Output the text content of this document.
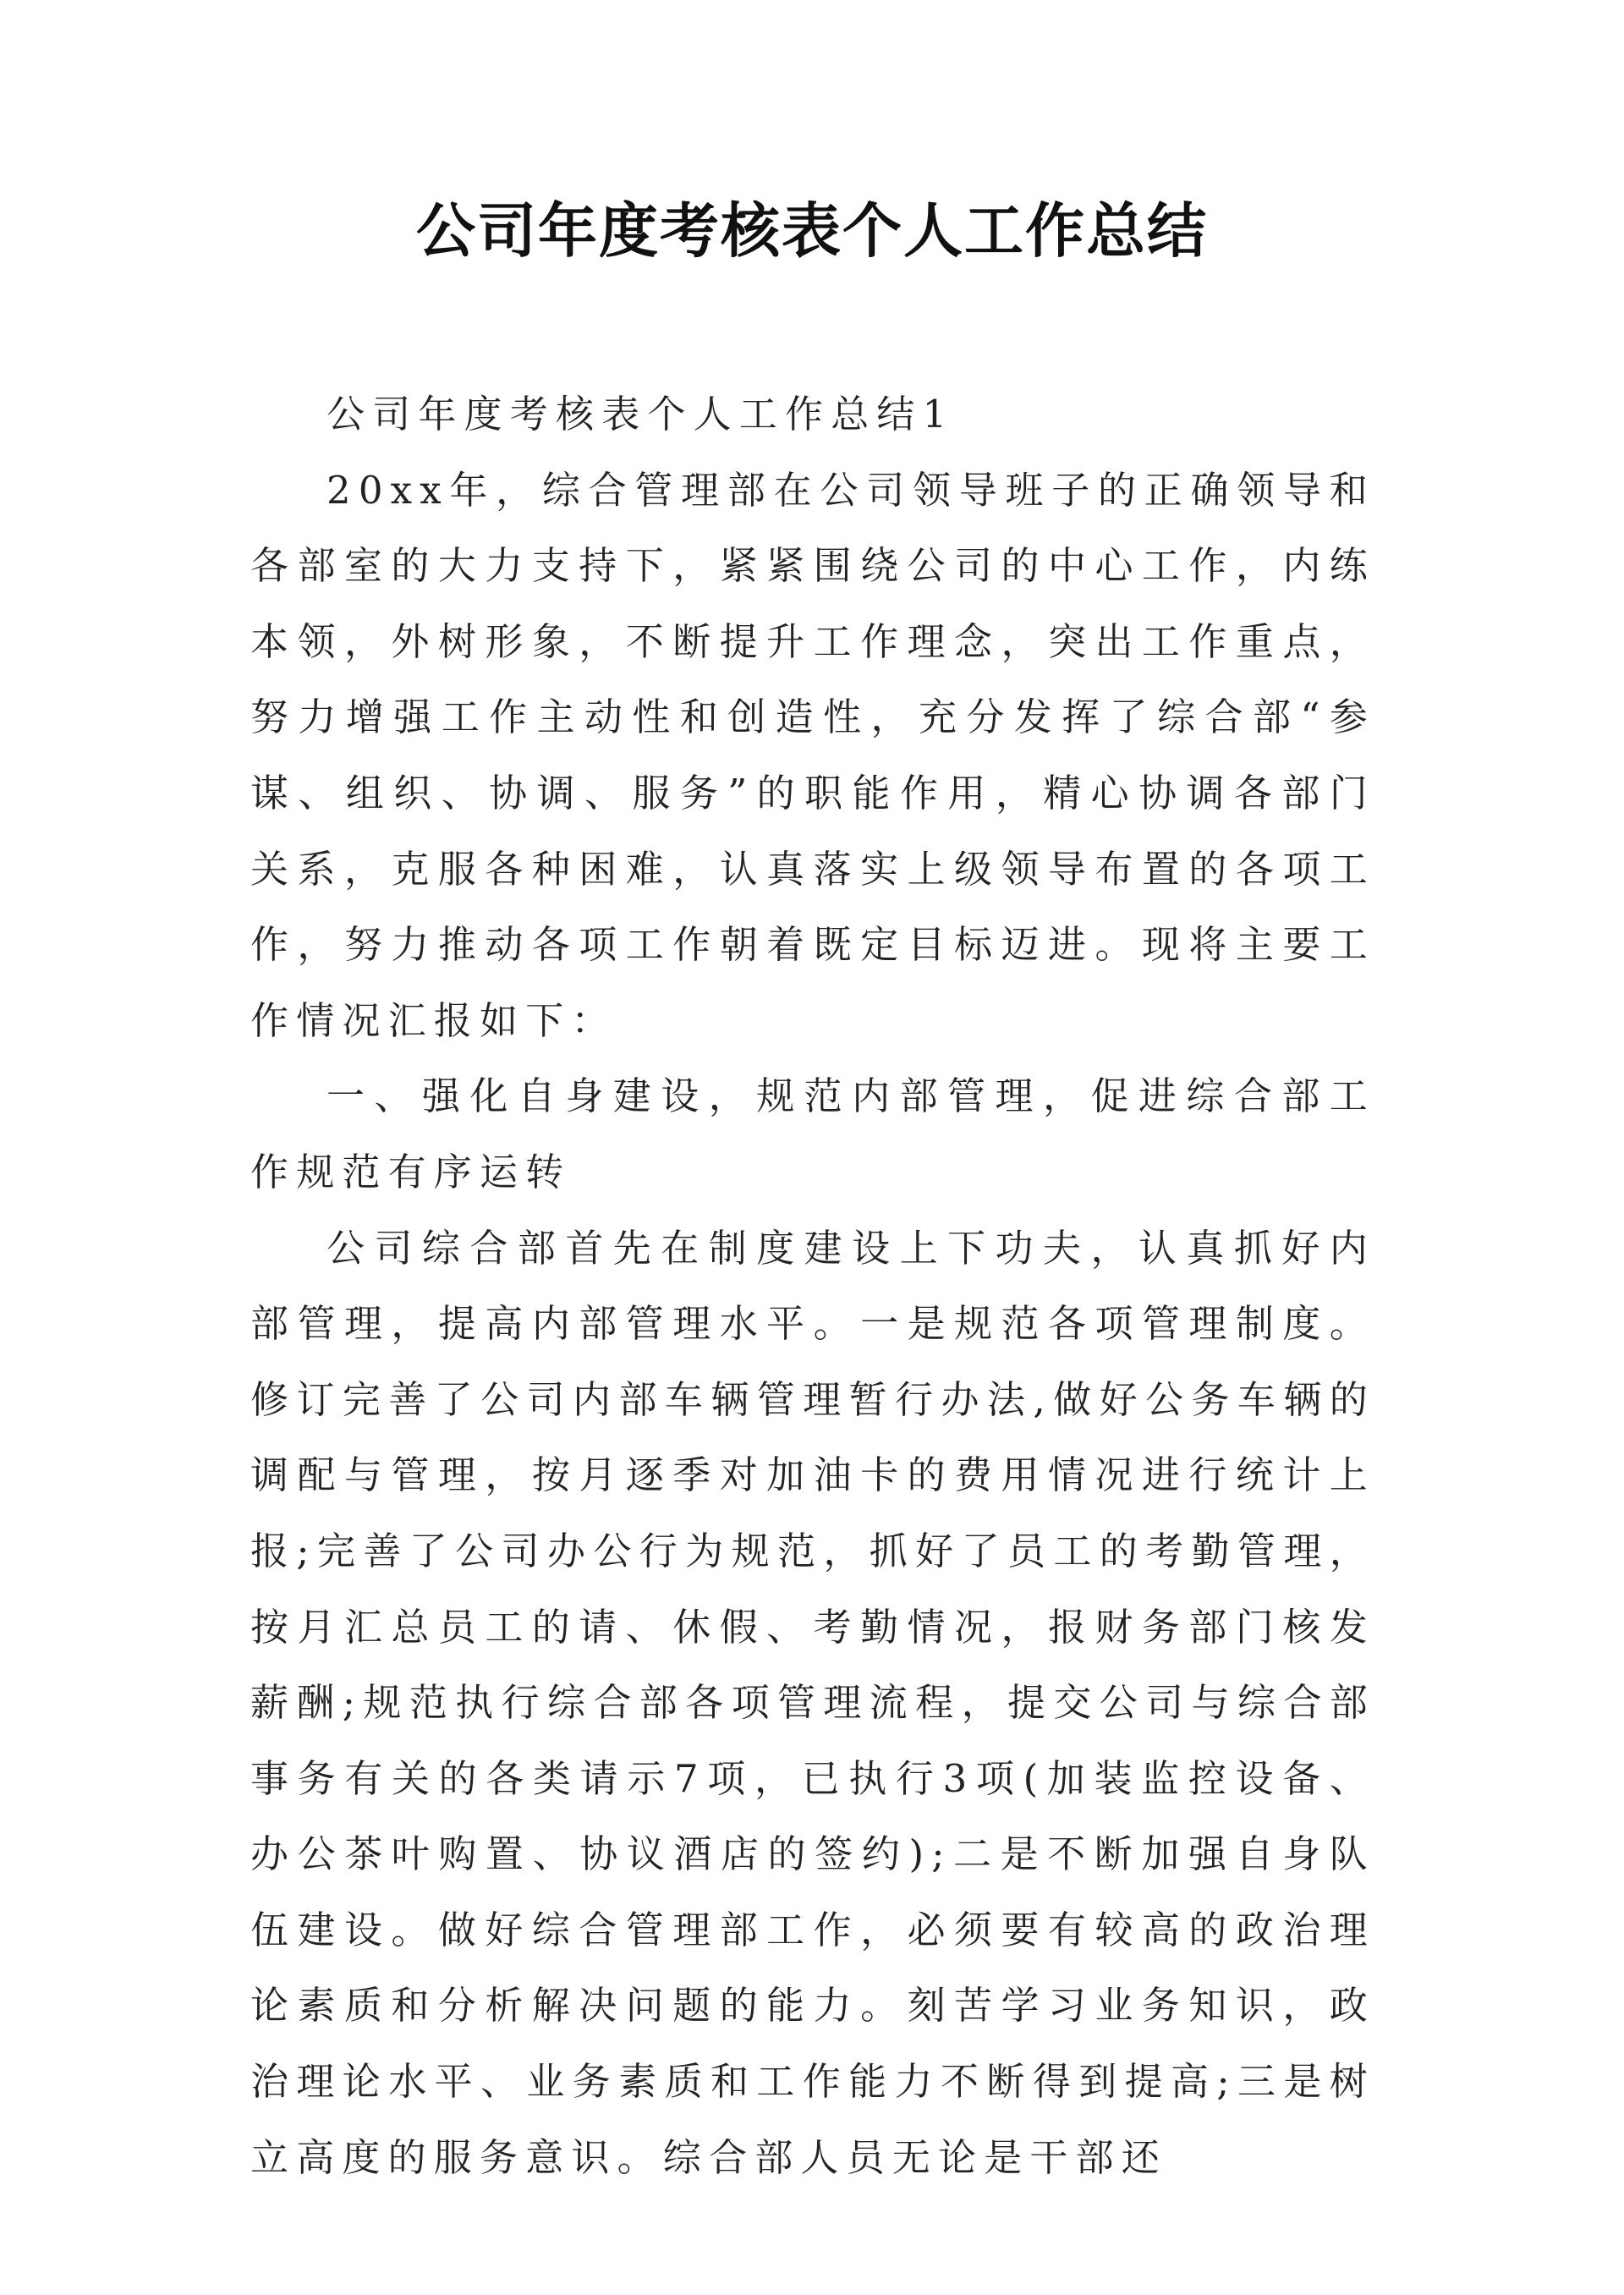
公司年度考核表个人工作总结

公司年度考核表个人工作总结1

20xx年，综合管理部在公司领导班子的正确领导和各部室的大力支持下，紧紧围绕公司的中心工作，内练本领，外树形象，不断提升工作理念，突出工作重点，努力增强工作主动性和创造性，充分发挥了综合部“参谋、组织、协调、服务”的职能作用，精心协调各部门关系，克服各种困难，认真落实上级领导布置的各项工作，努力推动各项工作朝着既定目标迈进。现将主要工作情况汇报如下：

一、强化自身建设，规范内部管理，促进综合部工作规范有序运转

公司综合部首先在制度建设上下功夫，认真抓好内部管理，提高内部管理水平。一是规范各项管理制度。修订完善了公司内部车辆管理暂行办法,做好公务车辆的调配与管理，按月逐季对加油卡的费用情况进行统计上报;完善了公司办公行为规范，抓好了员工的考勤管理，按月汇总员工的请、休假、考勤情况，报财务部门核发薪酬;规范执行综合部各项管理流程，提交公司与综合部事务有关的各类请示7项，已执行3项(加装监控设备、办公茶叶购置、协议酒店的签约);二是不断加强自身队伍建设。做好综合管理部工作，必须要有较高的政治理论素质和分析解决问题的能力。刻苦学习业务知识，政治理论水平、业务素质和工作能力不断得到提高;三是树立高度的服务意识。综合部人员无论是干部还
